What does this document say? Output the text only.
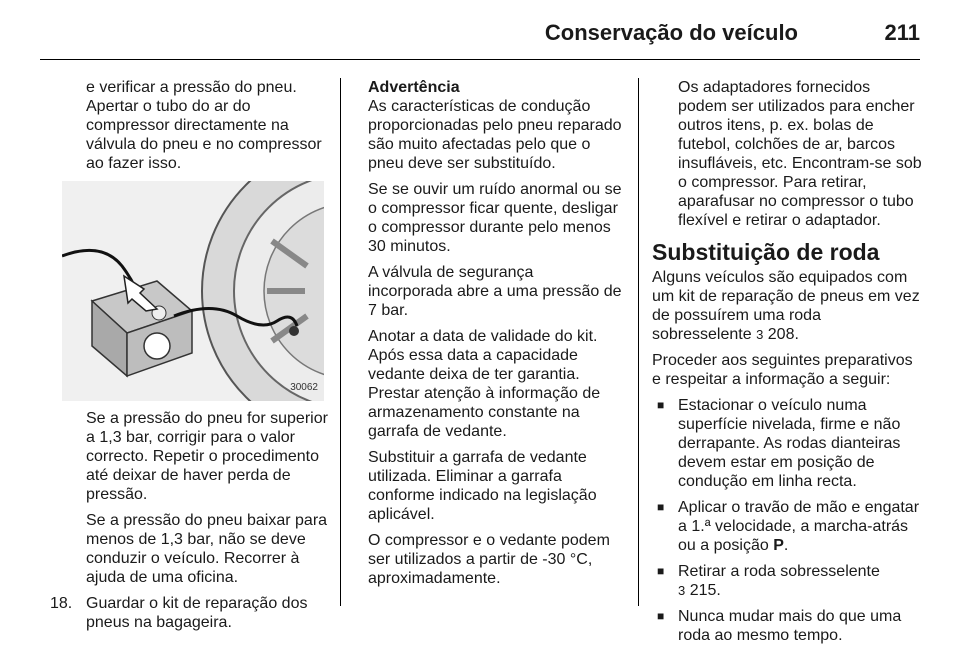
Conservação do veículo	211

e verificar a pressão do pneu. Apertar o tubo do ar do compressor directamente na válvula do pneu e no compressor ao fazer isso.

30062

Se a pressão do pneu for superior a 1,3 bar, corrigir para o valor correcto. Repetir o procedimento até deixar de haver perda de pressão.

Se a pressão do pneu baixar para menos de 1,3 bar, não se deve conduzir o veículo. Recorrer à ajuda de uma oficina.

18. Guardar o kit de reparação dos pneus na bagageira.

Advertência

As características de condução proporcionadas pelo pneu reparado são muito afectadas pelo que o pneu deve ser substituído.

Se se ouvir um ruído anormal ou se o compressor ficar quente, desligar o compressor durante pelo menos 30 minutos.

A válvula de segurança incorporada abre a uma pressão de 7 bar.

Anotar a data de validade do kit. Após essa data a capacidade vedante deixa de ter garantia. Prestar atenção à informação de armazenamento constante na garrafa de vedante.

Substituir a garrafa de vedante utilizada. Eliminar a garrafa conforme indicado na legislação aplicável.

O compressor e o vedante podem ser utilizados a partir de -30 °C, aproximadamente.

Os adaptadores fornecidos podem ser utilizados para encher outros itens, p. ex. bolas de futebol, colchões de ar, barcos insufláveis, etc. Encontram-se sob o compressor. Para retirar, aparafusar no compressor o tubo flexível e retirar o adaptador.

Substituição de roda

Alguns veículos são equipados com um kit de reparação de pneus em vez de possuírem uma roda sobresselente 3 208.

Proceder aos seguintes preparativos e respeitar a informação a seguir:

■ Estacionar o veículo numa superfície nivelada, firme e não derrapante. As rodas dianteiras devem estar em posição de condução em linha recta.
■ Aplicar o travão de mão e engatar a 1.ª velocidade, a marcha-atrás ou a posição P.
■ Retirar a roda sobresselente
3 215.
■ Nunca mudar mais do que uma roda ao mesmo tempo.
